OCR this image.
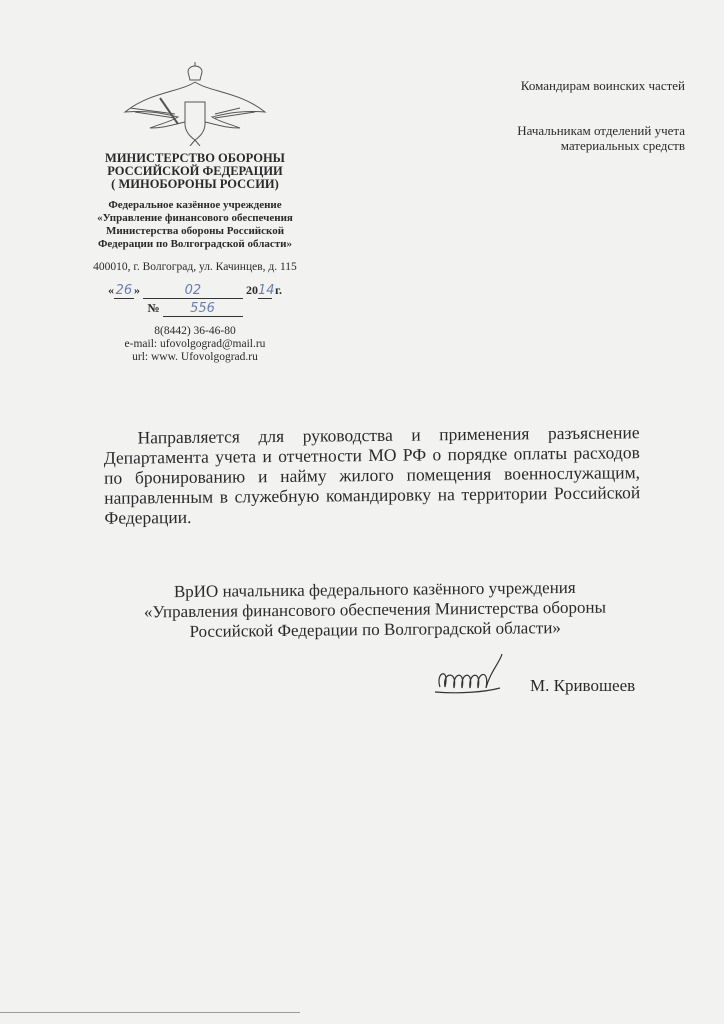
МИНИСТЕРСТВО ОБОРОНЫ
РОССИЙСКОЙ ФЕДЕРАЦИИ
( МИНОБОРОНЫ РОССИИ)
Федеральное казённое учреждение
«Управление финансового обеспечения
Министерства обороны Российской
Федерации по Волгоградской области»
400010, г. Волгоград, ул. Качинцев, д. 115
« 26 »	02	2014 г.
№ 556
8(8442) 36-46-80
e-mail: ufovolgograd@mail.ru
url: www. Ufovolgograd.ru
Командирам воинских частей
Начальникам отделений учета материальных средств
Направляется для руководства и применения разъяснение Департамента учета и отчетности МО РФ о порядке оплаты расходов по бронированию и найму жилого помещения военнослужащим, направленным в служебную командировку на территории Российской Федерации.
ВрИО начальника федерального казённого учреждения
«Управления финансового обеспечения Министерства обороны
Российской Федерации по Волгоградской области»
М. Кривошеев
